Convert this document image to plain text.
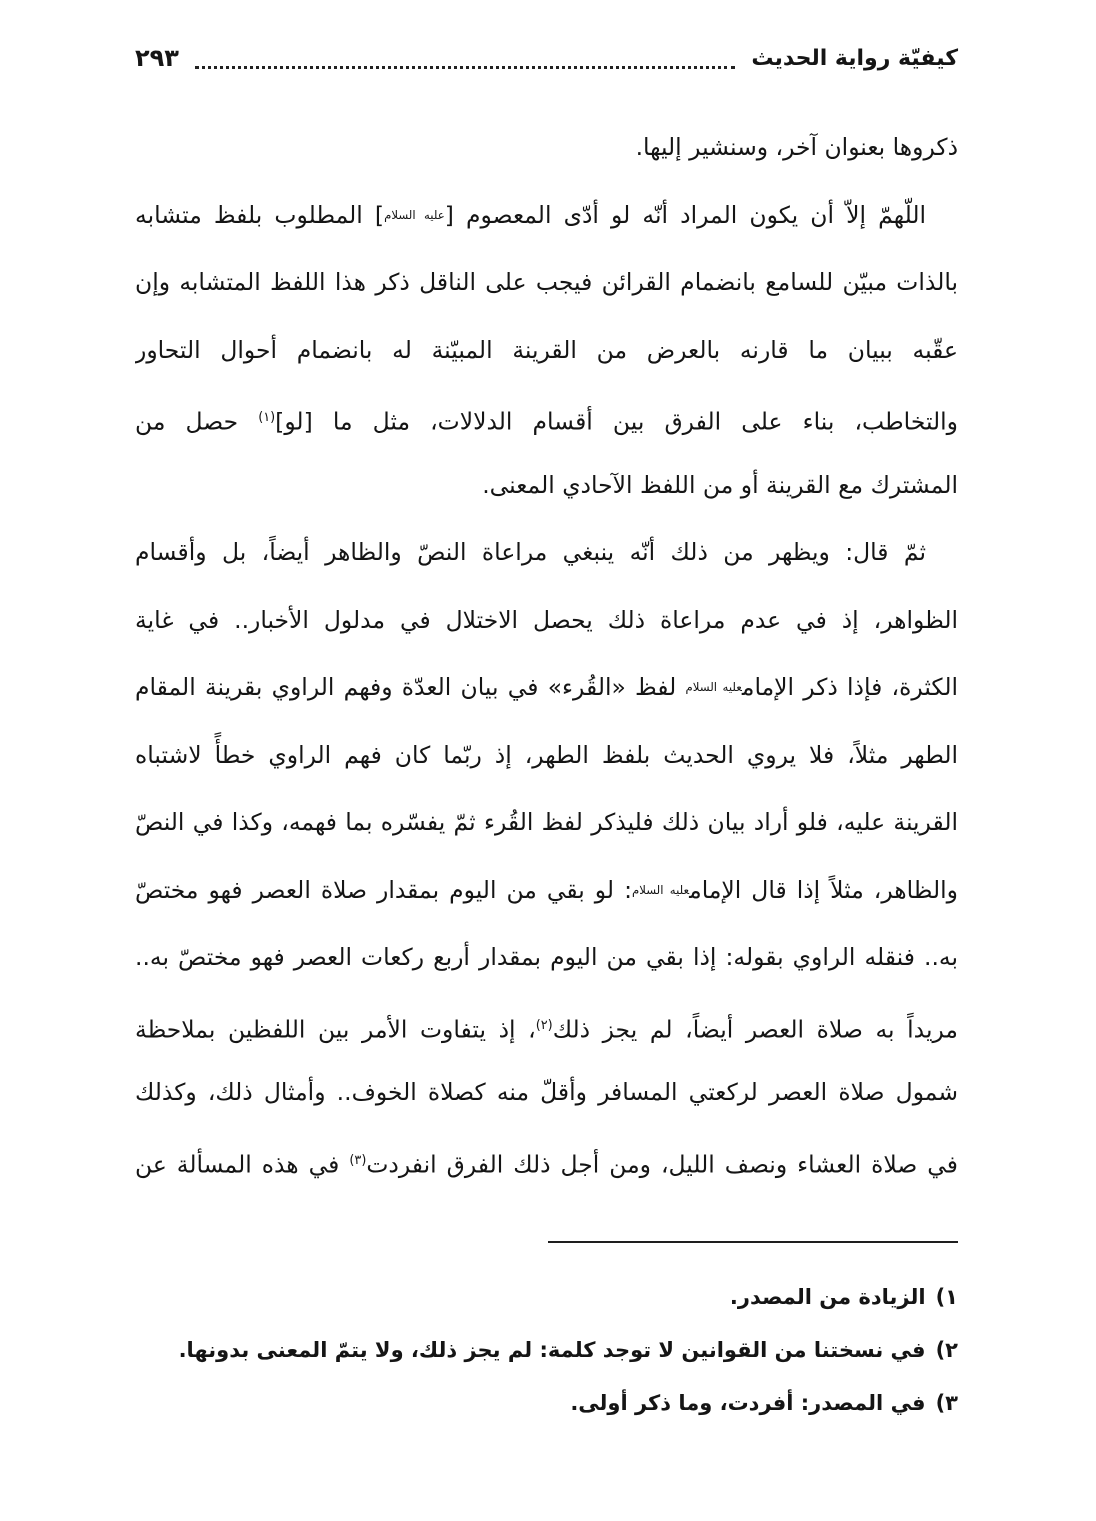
كيفيّة رواية الحديث
٢٩٣
ذكروها بعنوان آخر، وسنشير إليها.
اللّهمّ إلاّ أن يكون المراد أنّه لو أدّى المعصوم [عليه السلام] المطلوب بلفظ متشابه
بالذات مبيّن للسامع بانضمام القرائن فيجب على الناقل ذكر هذا اللفظ المتشابه وإن
عقّبه ببيان ما قارنه بالعرض من القرينة المبيّنة له بانضمام أحوال التحاور
والتخاطب، بناء على الفرق بين أقسام الدلالات، مثل ما [لو]$^{(١)}$ حصل من
المشترك مع القرينة أو من اللفظ الآحادي المعنى.
ثمّ قال: ويظهر من ذلك أنّه ينبغي مراعاة النصّ والظاهر أيضاً، بل وأقسام
الظواهر، إذ في عدم مراعاة ذلك يحصل الاختلال في مدلول الأخبار.. في غاية
الكثرة، فإذا ذكر الإمامعليه السلام لفظ «القُرء» في بيان العدّة وفهم الراوي بقرينة المقام
الطهر مثلاً، فلا يروي الحديث بلفظ الطهر، إذ ربّما كان فهم الراوي خطأً لاشتباه
القرينة عليه، فلو أراد بيان ذلك فليذكر لفظ القُرء ثمّ يفسّره بما فهمه، وكذا في النصّ
والظاهر، مثلاً إذا قال الإمامعليه السلام: لو بقي من اليوم بمقدار صلاة العصر فهو مختصّ
به.. فنقله الراوي بقوله: إذا بقي من اليوم بمقدار أربع ركعات العصر فهو مختصّ به..
مريداً به صلاة العصر أيضاً، لم يجز ذلك$^{(٢)}$، إذ يتفاوت الأمر بين اللفظين بملاحظة
شمول صلاة العصر لركعتي المسافر وأقلّ منه كصلاة الخوف.. وأمثال ذلك، وكذلك
في صلاة العشاء ونصف الليل، ومن أجل ذلك الفرق انفردت$^{(٣)}$ في هذه المسألة عن
١)الزيادة من المصدر.
٢)في نسختنا من القوانين لا توجد كلمة: لم يجز ذلك، ولا يتمّ المعنى بدونها.
٣)في المصدر: أفردت، وما ذكر أولى.
